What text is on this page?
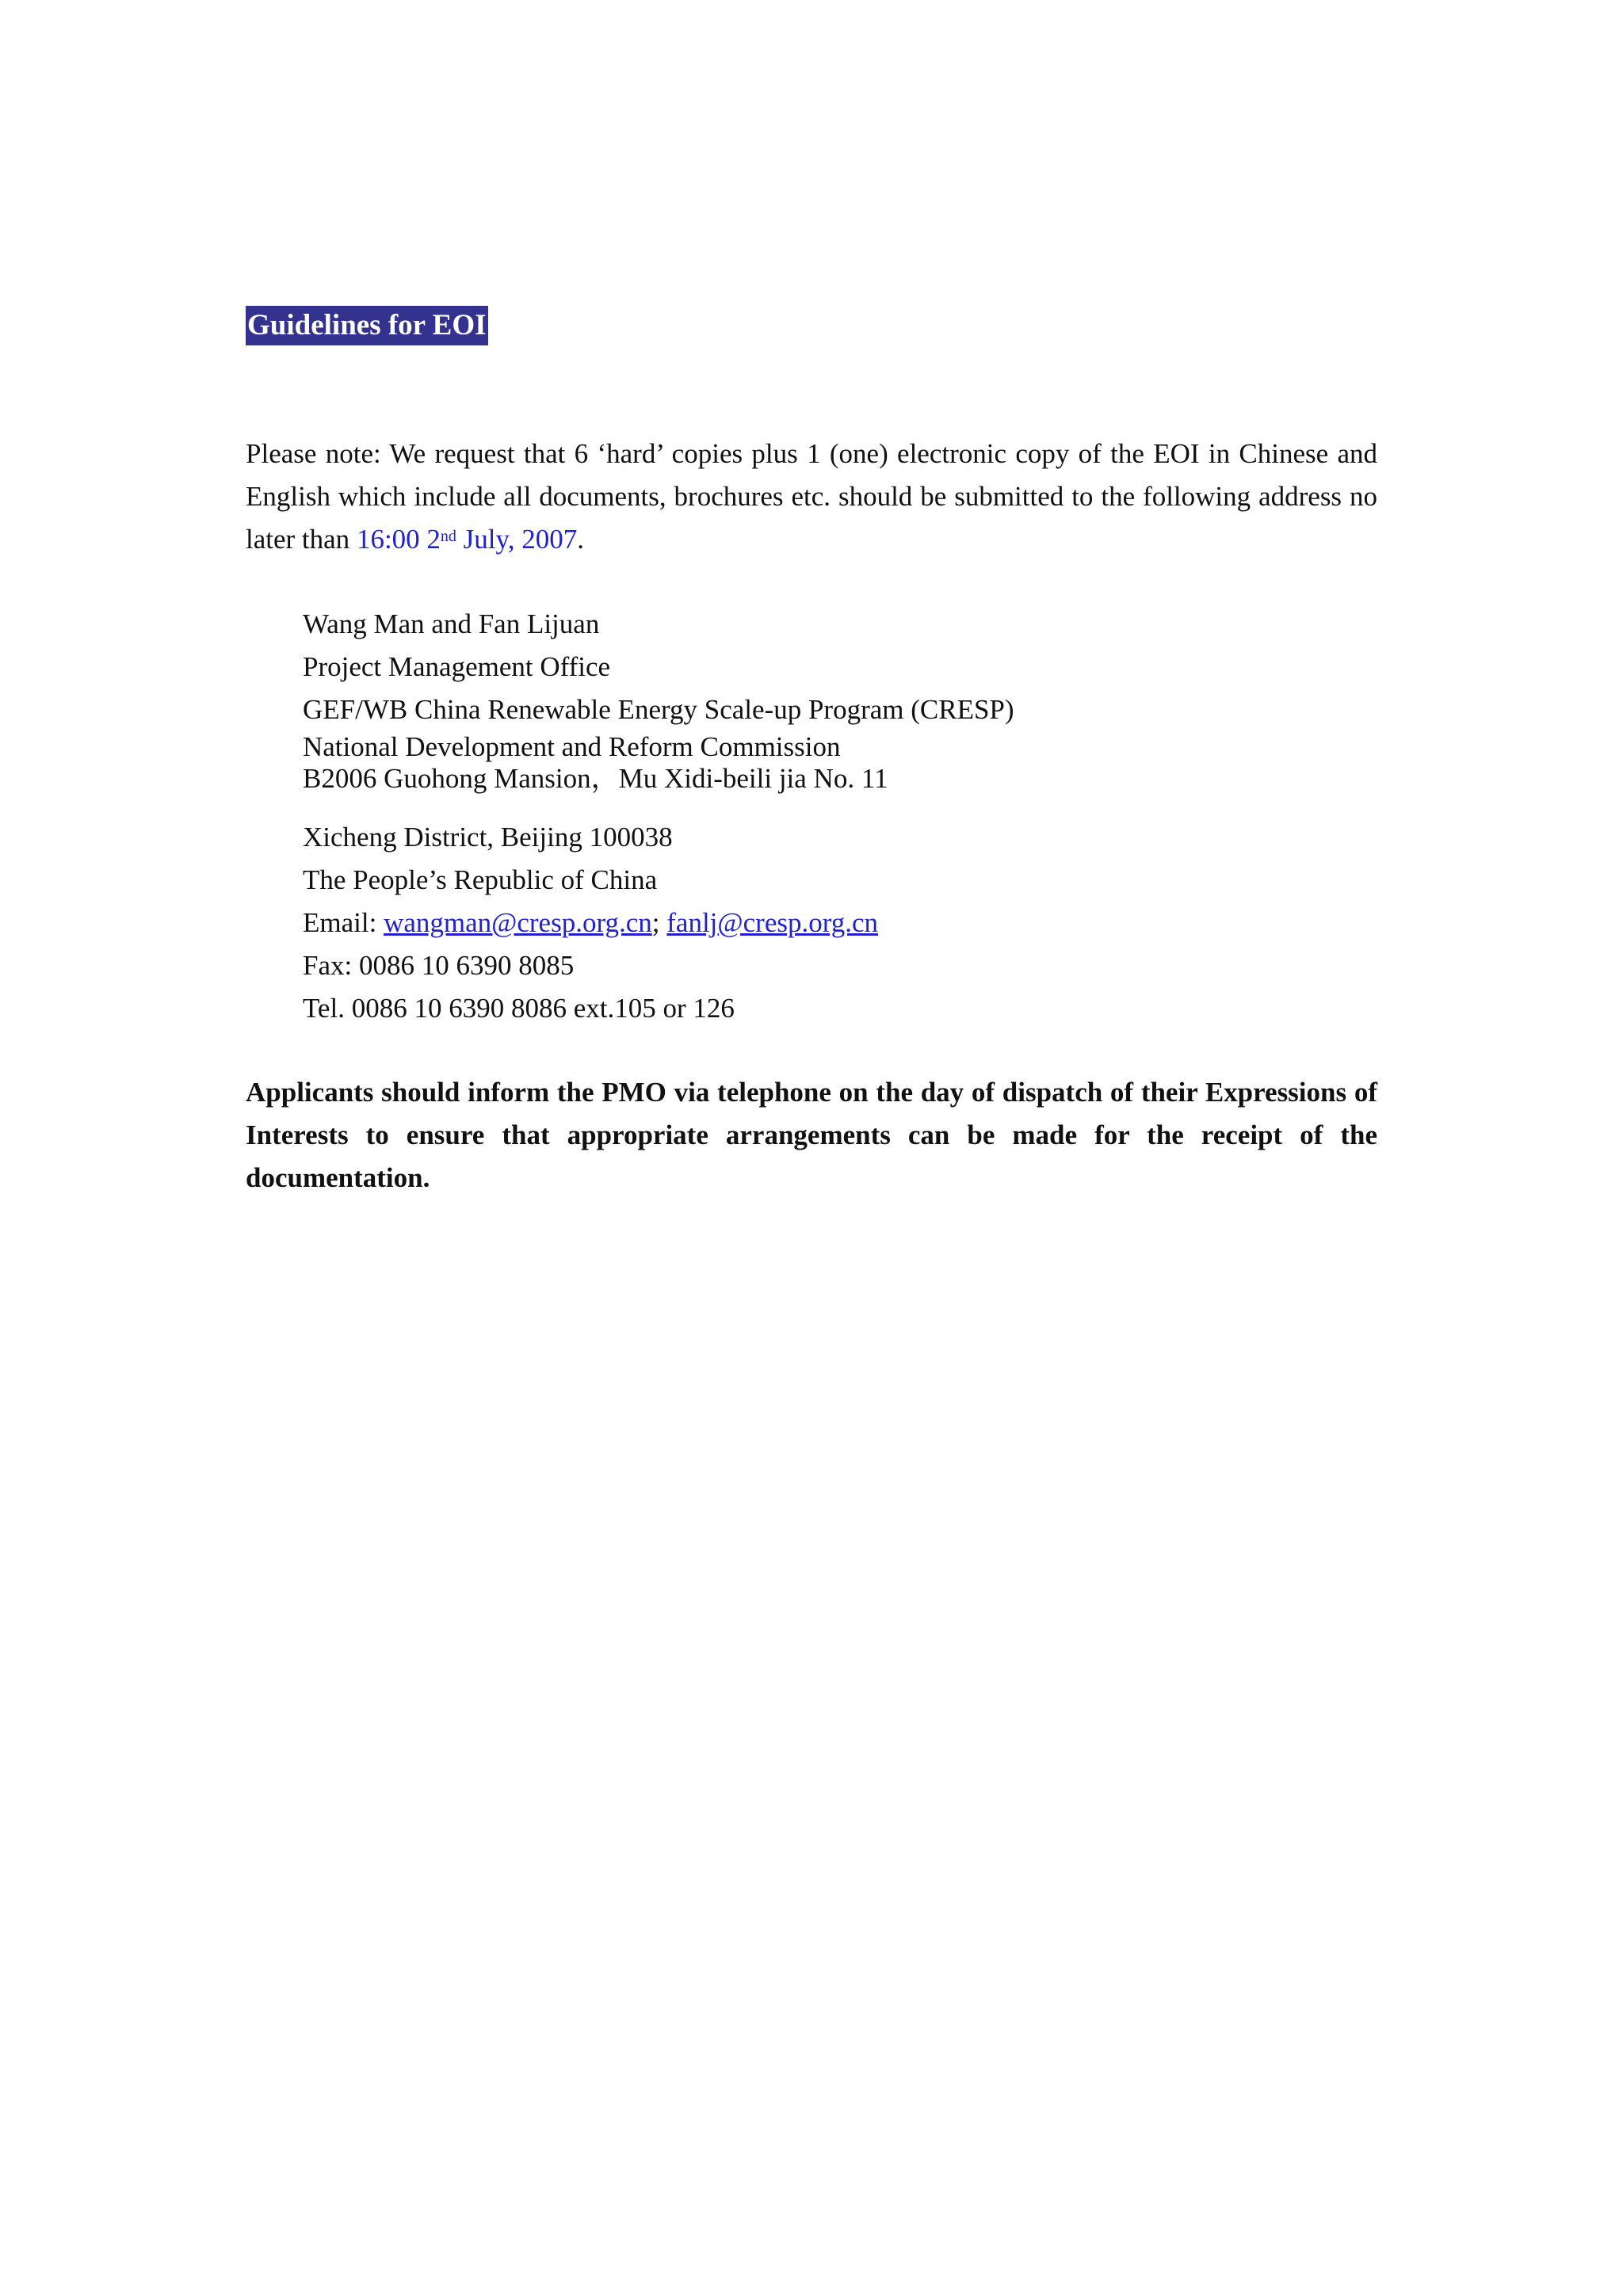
Guidelines for EOI

Please note: We request that 6 ‘hard’ copies plus 1 (one) electronic copy of the EOI in Chinese and English which include all documents, brochures etc. should be submitted to the following address no later than 16:00 2nd July, 2007.

Wang Man and Fan Lijuan
Project Management Office
GEF/WB China Renewable Energy Scale-up Program (CRESP)
National Development and Reform Commission
B2006 Guohong Mansion，Mu Xidi-beili jia No. 11
Xicheng District, Beijing 100038
The People’s Republic of China
Email: wangman@cresp.org.cn; fanlj@cresp.org.cn
Fax: 0086 10 6390 8085
Tel. 0086 10 6390 8086 ext.105 or 126

Applicants should inform the PMO via telephone on the day of dispatch of their Expressions of Interests to ensure that appropriate arrangements can be made for the receipt of the documentation.
